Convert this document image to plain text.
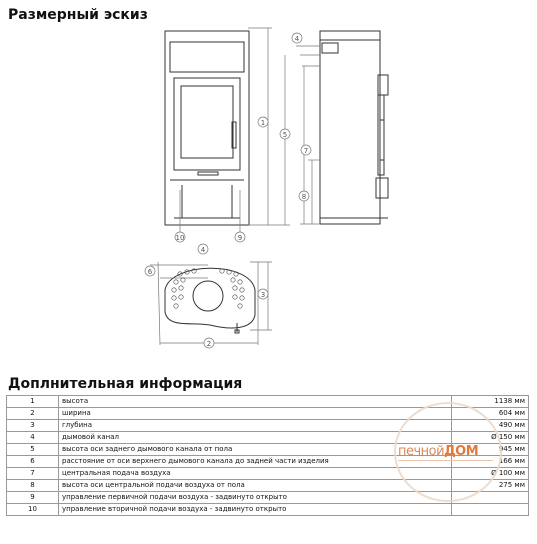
Размерный эскиз
1
5
10	9
4
7
8
4
6
3
2
Доплнительная информация
1	высота	1138 мм
2	ширина	604 мм
3	глубина	490 мм
4	дымовой канал	Ø 150 мм
5	высота оси заднего дымового канала от пола	945 мм
6	расстояние от оси верхнего дымового канала до задней части изделия	166 мм
7	центральная подача воздуха	Ø 100 мм
8	высота оси центральной подачи воздуха от пола	275 мм
9	управление первичной подачи воздуха - задвинуто открыто	
10	управление вторичной подачи воздуха - задвинуто открыто	
печнойДОМ
